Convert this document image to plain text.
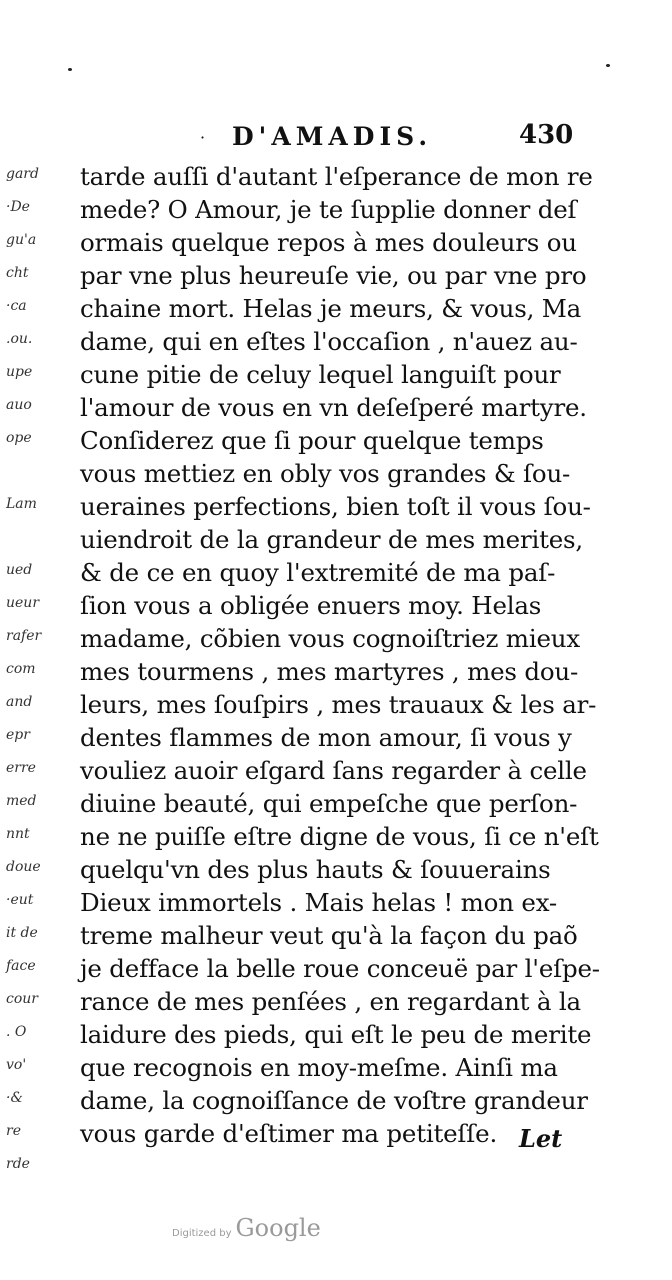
· D'AMADIS.	430
gard
·De
gu'a
cht
·ca
.ou.
upe
auo
ope
Lam
ued
ueur
rafer
com
and
epr
erre
med
nnt
doue
·eut
it de
face
cour
. O
vo'
·&
re
rde
tarde auſſi d'autant l'eſperance de mon re
mede? O Amour, je te ſupplie donner deſ
ormais quelque repos à mes douleurs ou
par vne plus heureuſe vie, ou par vne pro
chaine mort. Helas je meurs, & vous, Ma
dame, qui en eſtes l'occaſion , n'auez au-
cune pitie de celuy lequel languiſt pour
l'amour de vous en vn deſeſperé martyre.
Conſiderez que ſi pour quelque temps
vous mettiez en obly vos grandes & ſou-
ueraines perfections, bien toſt il vous ſou-
uiendroit de la grandeur de mes merites,
& de ce en quoy l'extremité de ma paſ-
ſion vous a obligée enuers moy. Helas
madame, cõbien vous cognoiſtriez mieux
mes tourmens , mes martyres , mes dou-
leurs, mes ſouſpirs , mes trauaux & les ar-
dentes flammes de mon amour, ſi vous y
vouliez auoir eſgard ſans regarder à celle
diuine beauté, qui empeſche que perſon-
ne ne puiſſe eſtre digne de vous, ſi ce n'eſt
quelqu'vn des plus hauts & ſouuerains
Dieux immortels . Mais helas ! mon ex-
treme malheur veut qu'à la façon du paõ
je defface la belle roue conceuë par l'eſpe-
rance de mes penſées , en regardant à la
laidure des pieds, qui eſt le peu de merite
que recognois en moy-meſme. Ainſi ma
dame, la cognoiſſance de voſtre grandeur
vous garde d'eſtimer ma petiteſſe. Let
Digitized by Google
